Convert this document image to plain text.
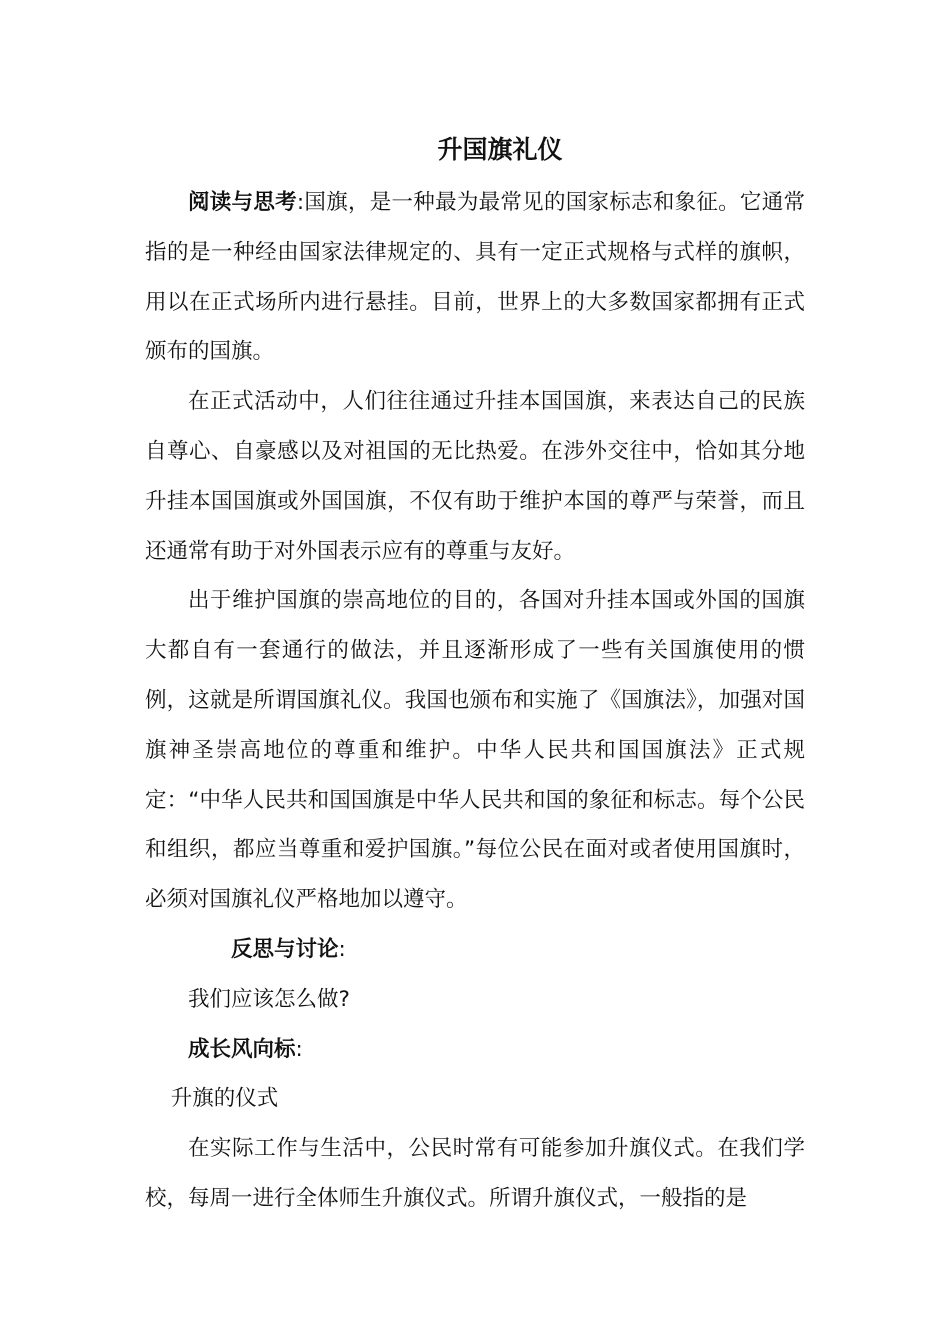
升国旗礼仪

阅读与思考:国旗，是一种最为最常见的国家标志和象征。它通常指的是一种经由国家法律规定的、具有一定正式规格与式样的旗帜，用以在正式场所内进行悬挂。目前，世界上的大多数国家都拥有正式颁布的国旗。

在正式活动中，人们往往通过升挂本国国旗，来表达自己的民族自尊心、自豪感以及对祖国的无比热爱。在涉外交往中，恰如其分地升挂本国国旗或外国国旗，不仅有助于维护本国的尊严与荣誉，而且还通常有助于对外国表示应有的尊重与友好。

出于维护国旗的崇高地位的目的，各国对升挂本国或外国的国旗大都自有一套通行的做法，并且逐渐形成了一些有关国旗使用的惯例，这就是所谓国旗礼仪。我国也颁布和实施了《国旗法》，加强对国旗神圣崇高地位的尊重和维护。中华人民共和国国旗法》正式规定：“中华人民共和国国旗是中华人民共和国的象征和标志。每个公民和组织，都应当尊重和爱护国旗。”每位公民在面对或者使用国旗时，必须对国旗礼仪严格地加以遵守。

反思与讨论:

我们应该怎么做?

成长风向标:

升旗的仪式

在实际工作与生活中，公民时常有可能参加升旗仪式。在我们学校，每周一进行全体师生升旗仪式。所谓升旗仪式，一般指的是
